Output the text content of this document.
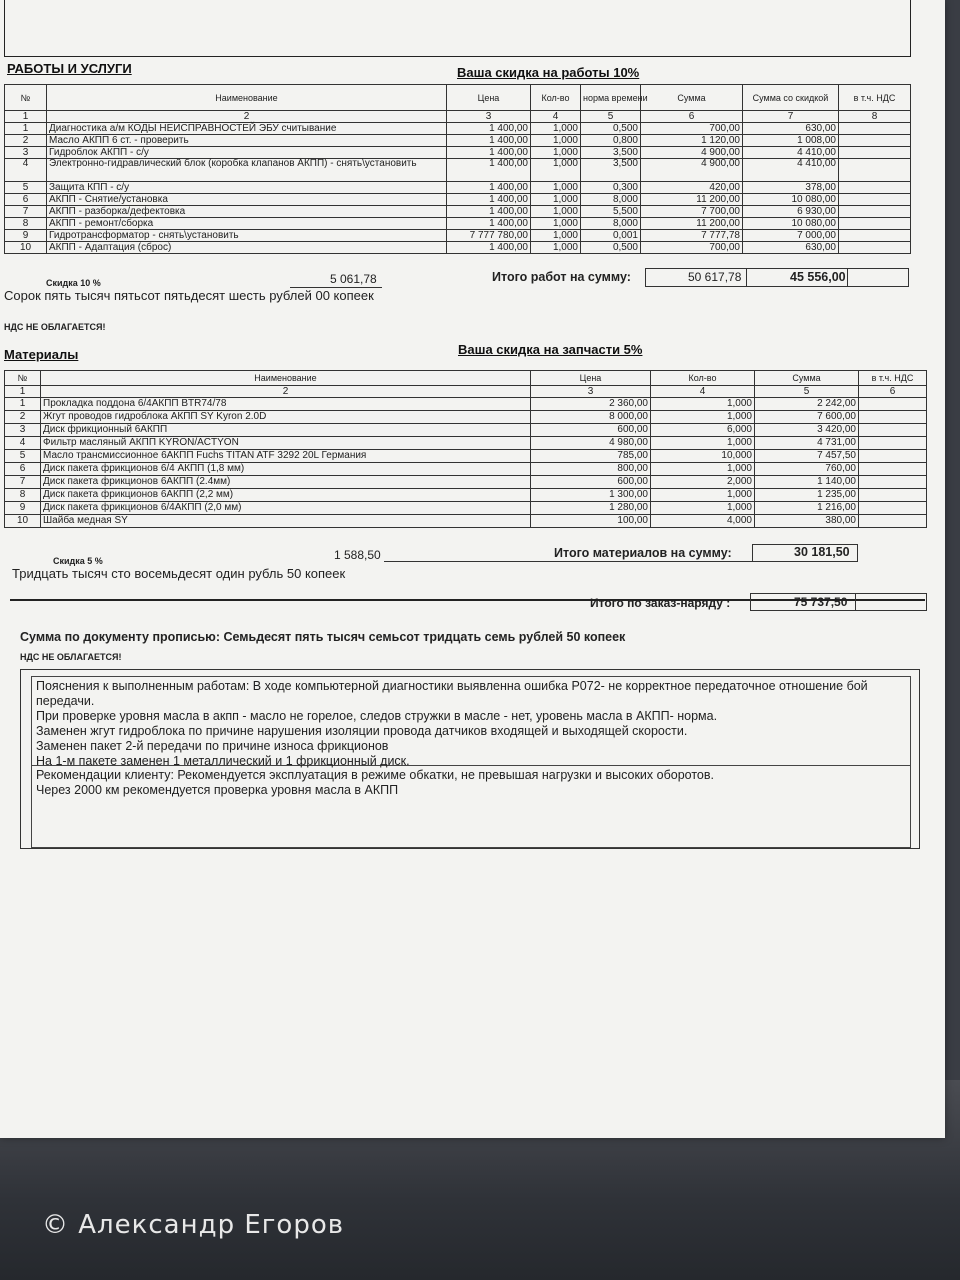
РАБОТЫ И УСЛУГИ	Ваша скидка на работы 10%
№	Наименование	Цена	Кол-во	норма времени	Сумма	Сумма со скидкой	в т.ч. НДС
1	2	3	4	5	6	7	8
1	Диагностика а/м КОДЫ НЕИСПРАВНОСТЕЙ ЭБУ считывание	1 400,00	1,000	0,500	700,00	630,00	
2	Масло АКПП 6 ст. - проверить	1 400,00	1,000	0,800	1 120,00	1 008,00	
3	Гидроблок АКПП - с/у	1 400,00	1,000	3,500	4 900,00	4 410,00	
4	Электронно-гидравлический блок (коробка клапанов АКПП) - снять\установить	1 400,00	1,000	3,500	4 900,00	4 410,00	
5	Защита КПП - с/у	1 400,00	1,000	0,300	420,00	378,00	
6	АКПП - Снятие/установка	1 400,00	1,000	8,000	11 200,00	10 080,00	
7	АКПП - разборка/дефектовка	1 400,00	1,000	5,500	7 700,00	6 930,00	
8	АКПП - ремонт/сборка	1 400,00	1,000	8,000	11 200,00	10 080,00	
9	Гидротрансформатор - снять\установить	7 777 780,00	1,000	0,001	7 777,78	7 000,00	
10	АКПП - Адаптация (сброс)	1 400,00	1,000	0,500	700,00	630,00	
Скидка 10 %	5 061,78	Итого работ на сумму:	50 617,78	45 556,00
Сорок пять тысяч пятьсот пятьдесят шесть рублей 00 копеек
НДС НЕ ОБЛАГАЕТСЯ!
Материалы	Ваша скидка на запчасти 5%
№	Наименование	Цена	Кол-во	Сумма	в т.ч. НДС
1	2	3	4	5	6
1	Прокладка поддона 6/4АКПП BTR74/78	2 360,00	1,000	2 242,00	
2	Жгут проводов гидроблока АКПП SY Kyron 2.0D	8 000,00	1,000	7 600,00	
3	Диск фрикционный 6АКПП	600,00	6,000	3 420,00	
4	Фильтр масляный АКПП KYRON/ACTYON	4 980,00	1,000	4 731,00	
5	Масло трансмиссионное 6АКПП Fuchs TITAN ATF 3292 20L Германия	785,00	10,000	7 457,50	
6	Диск пакета фрикционов 6/4 АКПП (1,8 мм)	800,00	1,000	760,00	
7	Диск пакета фрикционов 6АКПП (2.4мм)	600,00	2,000	1 140,00	
8	Диск пакета фрикционов 6АКПП (2,2 мм)	1 300,00	1,000	1 235,00	
9	Диск пакета фрикционов 6/4АКПП (2,0 мм)	1 280,00	1,000	1 216,00	
10	Шайба медная SY	100,00	4,000	380,00	
Скидка 5 %	1 588,50	Итого материалов на сумму:	30 181,50
Тридцать тысяч сто восемьдесят один рубль 50 копеек
Итого по заказ-наряду :	75 737,50
Сумма по документу прописью: Семьдесят пять тысяч семьсот тридцать семь рублей 50 копеек
НДС НЕ ОБЛАГАЕТСЯ!
Пояснения к выполненным работам: В ходе компьютерной диагностики выявленна ошибка Р072- не корректное передаточное отношение бой
передачи.
При проверке уровня масла в акпп - масло не горелое, следов стружки в масле - нет, уровень масла в АКПП- норма.
Заменен жгут гидроблока по причине нарушения изоляции провода датчиков входящей и выходящей скорости.
Заменен пакет 2-й передачи по причине износа фрикционов
На 1-м пакете заменен 1 металлический и 1 фрикционный диск.
Рекомендации клиенту: Рекомендуется эксплуатация в режиме обкатки, не превышая нагрузки и высоких оборотов.
Через 2000 км рекомендуется проверка уровня масла в АКПП
© Александр Егоров
